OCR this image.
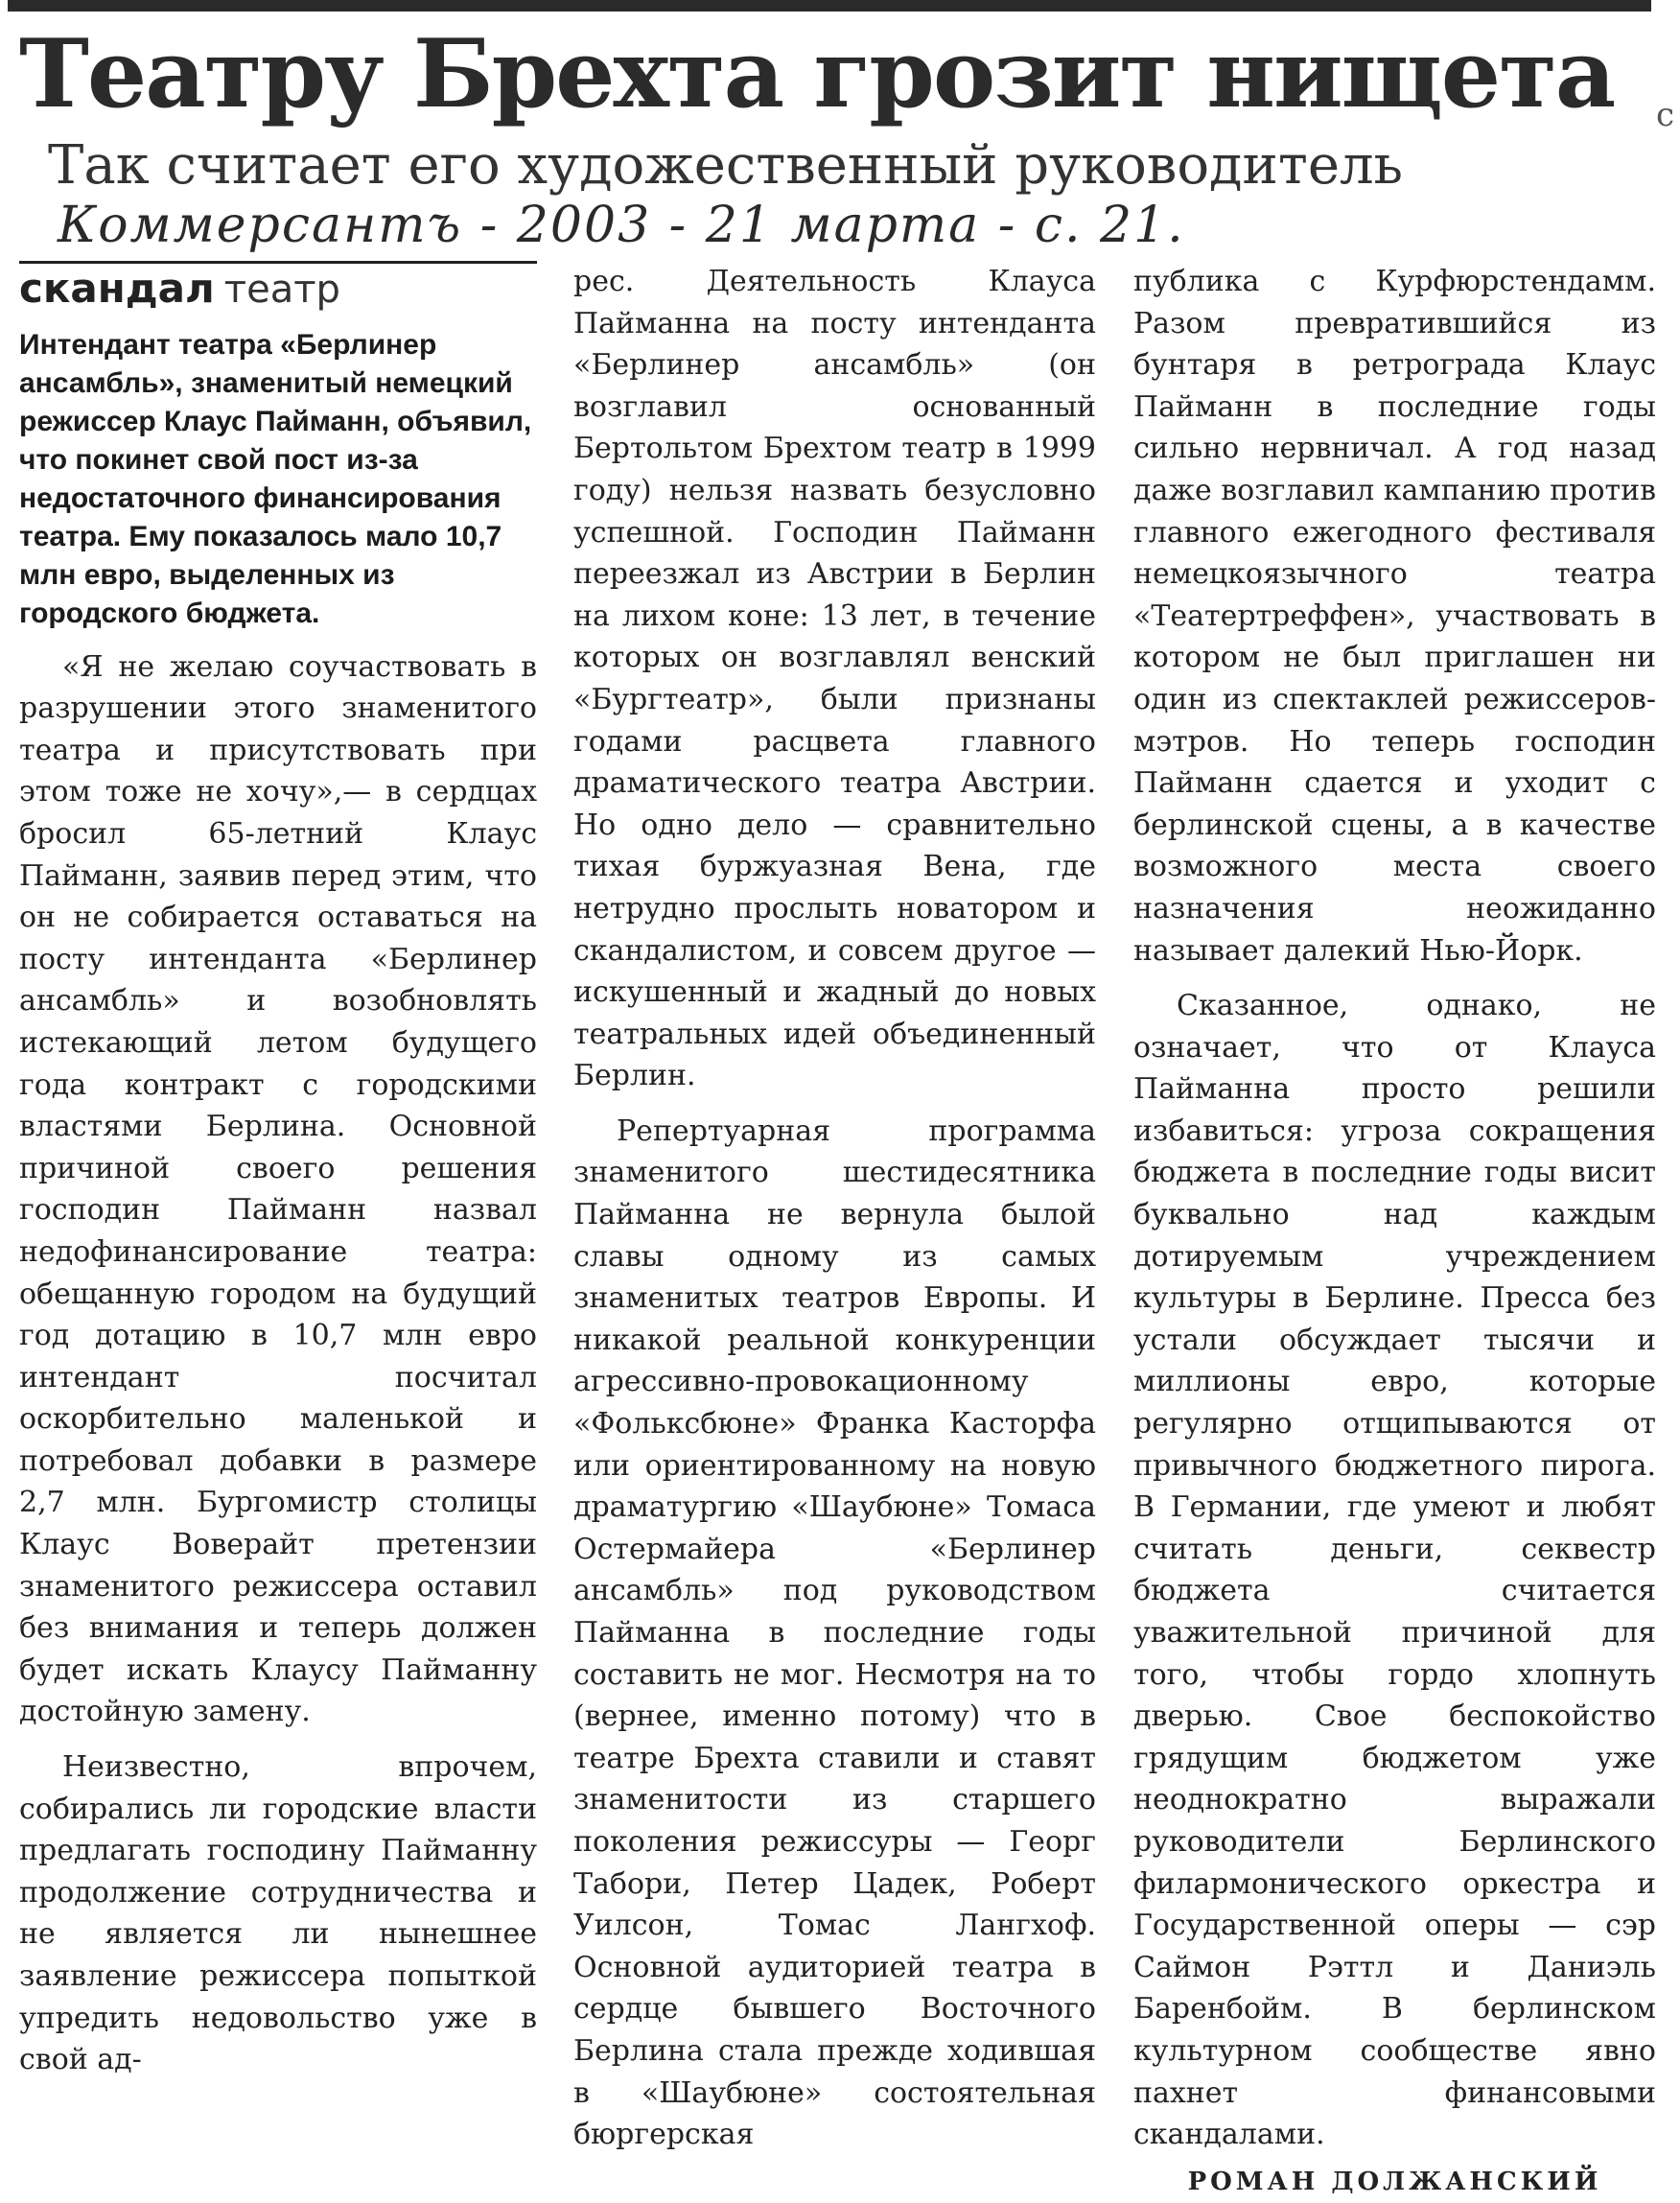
Театру Брехта грозит нищета
Так считает его художественный руководитель
Коммерсантъ - 2003 - 21 марта - с. 21.
с
скандал театр
Интендант театра «Берлинер ансамбль», знаменитый немецкий режиссер Клаус Пайманн, объявил, что покинет свой пост из-за недостаточного финансирования театра. Ему показалось мало 10,7 млн евро, выделенных из городского бюджета.

«Я не желаю соучаствовать в разрушении этого знаменитого театра и присутствовать при этом тоже не хочу»,— в сердцах бросил 65-летний Клаус Пайманн, заявив перед этим, что он не собирается оставаться на посту интенданта «Берлинер ансамбль» и возобновлять истекающий летом будущего года контракт с городскими властями Берлина. Основной причиной своего решения господин Пайманн назвал недофинансирование театра: обещанную городом на будущий год дотацию в 10,7 млн евро интендант посчитал оскорбительно маленькой и потребовал добавки в размере 2,7 млн. Бургомистр столицы Клаус Воверайт претензии знаменитого режиссера оставил без внимания и теперь должен будет искать Клаусу Пайманну достойную замену.

Неизвестно, впрочем, собирались ли городские власти предлагать господину Пайманну продолжение сотрудничества и не является ли нынешнее заявление режиссера попыткой упредить недовольство уже в свой ад-

рес. Деятельность Клауса Пайманна на посту интенданта «Берлинер ансамбль» (он возглавил основанный Бертольтом Брехтом театр в 1999 году) нельзя назвать безусловно успешной. Господин Пайманн переезжал из Австрии в Берлин на лихом коне: 13 лет, в течение которых он возглавлял венский «Бургтеатр», были признаны годами расцвета главного драматического театра Австрии. Но одно дело — сравнительно тихая буржуазная Вена, где нетрудно прослыть новатором и скандалистом, и совсем другое — искушенный и жадный до новых театральных идей объединенный Берлин.

Репертуарная программа знаменитого шестидесятника Пайманна не вернула былой славы одному из самых знаменитых театров Европы. И никакой реальной конкуренции агрессивно-провокационному «Фольксбюне» Франка Касторфа или ориентированному на новую драматургию «Шаубюне» Томаса Остермайера «Берлинер ансамбль» под руководством Пайманна в последние годы составить не мог. Несмотря на то (вернее, именно потому) что в театре Брехта ставили и ставят знаменитости из старшего поколения режиссуры — Георг Табори, Петер Цадек, Роберт Уилсон, Томас Лангхоф. Основной аудиторией театра в сердце бывшего Восточного Берлина стала прежде ходившая в «Шаубюне» состоятельная бюргерская

публика с Курфюрстендамм. Разом превратившийся из бунтаря в ретрограда Клаус Пайманн в последние годы сильно нервничал. А год назад даже возглавил кампанию против главного ежегодного фестиваля немецкоязычного театра «Театертреффен», участвовать в котором не был приглашен ни один из спектаклей режиссеров-мэтров. Но теперь господин Пайманн сдается и уходит с берлинской сцены, а в качестве возможного места своего назначения неожиданно называет далекий Нью-Йорк.

Сказанное, однако, не означает, что от Клауса Пайманна просто решили избавиться: угроза сокращения бюджета в последние годы висит буквально над каждым дотируемым учреждением культуры в Берлине. Пресса без устали обсуждает тысячи и миллионы евро, которые регулярно отщипываются от привычного бюджетного пирога. В Германии, где умеют и любят считать деньги, секвестр бюджета считается уважительной причиной для того, чтобы гордо хлопнуть дверью. Свое беспокойство грядущим бюджетом уже неоднократно выражали руководители Берлинского филармонического оркестра и Государственной оперы — сэр Саймон Рэттл и Даниэль Баренбойм. В берлинском культурном сообществе явно пахнет финансовыми скандалами.

РОМАН ДОЛЖАНСКИЙ
